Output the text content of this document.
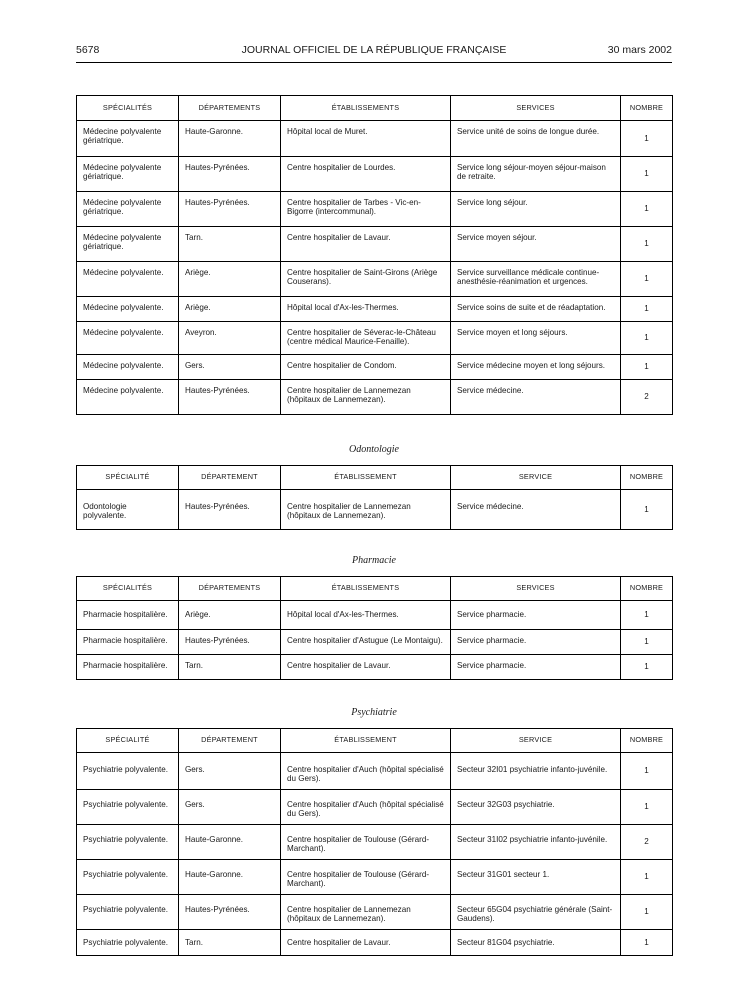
5678	JOURNAL OFFICIEL DE LA RÉPUBLIQUE FRANÇAISE	30 mars 2002
SPÉCIALITÉS	DÉPARTEMENTS	ÉTABLISSEMENTS	SERVICES	NOMBRE
Médecine polyvalente gériatrique.	Haute-Garonne.	Hôpital local de Muret.	Service unité de soins de longue durée.	1
Médecine polyvalente gériatrique.	Hautes-Pyrénées.	Centre hospitalier de Lourdes.	Service long séjour-moyen séjour-maison de retraite.	1
Médecine polyvalente gériatrique.	Hautes-Pyrénées.	Centre hospitalier de Tarbes - Vic-en-Bigorre (intercommunal).	Service long séjour.	1
Médecine polyvalente gériatrique.	Tarn.	Centre hospitalier de Lavaur.	Service moyen séjour.	1
Médecine polyvalente.	Ariège.	Centre hospitalier de Saint-Girons (Ariège Couserans).	Service surveillance médicale continue-anesthésie-réanimation et urgences.	1
Médecine polyvalente.	Ariège.	Hôpital local d'Ax-les-Thermes.	Service soins de suite et de réadaptation.	1
Médecine polyvalente.	Aveyron.	Centre hospitalier de Séverac-le-Château (centre médical Maurice-Fenaille).	Service moyen et long séjours.	1
Médecine polyvalente.	Gers.	Centre hospitalier de Condom.	Service médecine moyen et long séjours.	1
Médecine polyvalente.	Hautes-Pyrénées.	Centre hospitalier de Lannemezan (hôpitaux de Lannemezan).	Service médecine.	2
Odontologie
SPÉCIALITÉ	DÉPARTEMENT	ÉTABLISSEMENT	SERVICE	NOMBRE
Odontologie polyvalente.	Hautes-Pyrénées.	Centre hospitalier de Lannemezan (hôpitaux de Lannemezan).	Service médecine.	1
Pharmacie
SPÉCIALITÉS	DÉPARTEMENTS	ÉTABLISSEMENTS	SERVICES	NOMBRE
Pharmacie hospitalière.	Ariège.	Hôpital local d'Ax-les-Thermes.	Service pharmacie.	1
Pharmacie hospitalière.	Hautes-Pyrénées.	Centre hospitalier d'Astugue (Le Montaigu).	Service pharmacie.	1
Pharmacie hospitalière.	Tarn.	Centre hospitalier de Lavaur.	Service pharmacie.	1
Psychiatrie
SPÉCIALITÉ	DÉPARTEMENT	ÉTABLISSEMENT	SERVICE	NOMBRE
Psychiatrie polyvalente.	Gers.	Centre hospitalier d'Auch (hôpital spécialisé du Gers).	Secteur 32I01 psychiatrie infanto-juvénile.	1
Psychiatrie polyvalente.	Gers.	Centre hospitalier d'Auch (hôpital spécialisé du Gers).	Secteur 32G03 psychiatrie.	1
Psychiatrie polyvalente.	Haute-Garonne.	Centre hospitalier de Toulouse (Gérard-Marchant).	Secteur 31I02 psychiatrie infanto-juvénile.	2
Psychiatrie polyvalente.	Haute-Garonne.	Centre hospitalier de Toulouse (Gérard-Marchant).	Secteur 31G01 secteur 1.	1
Psychiatrie polyvalente.	Hautes-Pyrénées.	Centre hospitalier de Lannemezan (hôpitaux de Lannemezan).	Secteur 65G04 psychiatrie générale (Saint-Gaudens).	1
Psychiatrie polyvalente.	Tarn.	Centre hospitalier de Lavaur.	Secteur 81G04 psychiatrie.	1
